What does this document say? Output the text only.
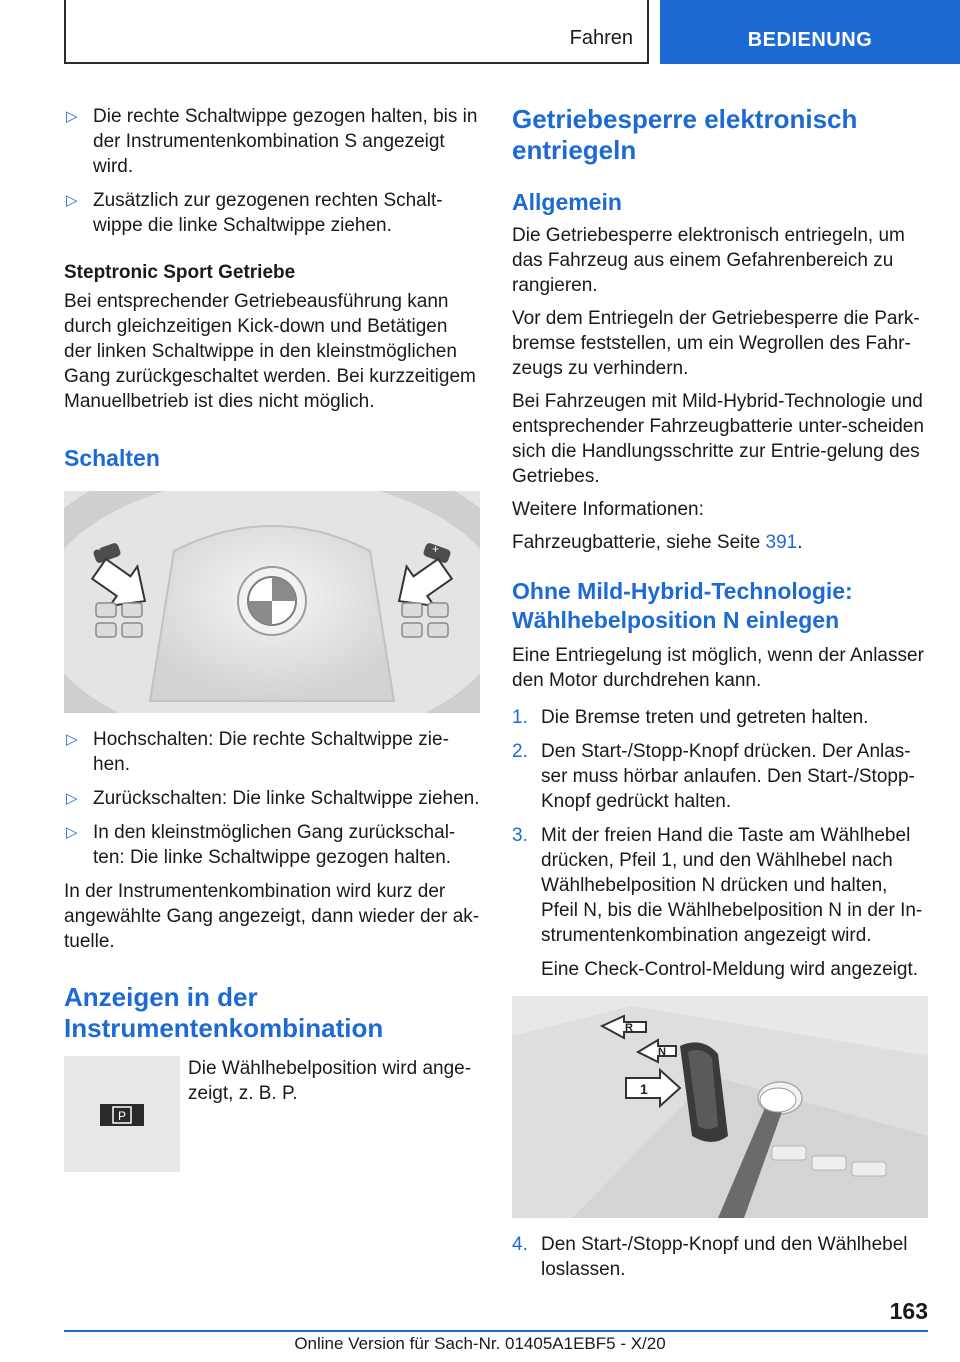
Fahren	BEDIENUNG
▷ Die rechte Schaltwippe gezogen halten, bis in der Instrumentenkombination S angezeigt wird.
▷ Zusätzlich zur gezogenen rechten Schalt‐wippe die linke Schaltwippe ziehen.
Steptronic Sport Getriebe

Bei entsprechender Getriebeausführung kann durch gleichzeitigen Kick-down und Betätigen der linken Schaltwippe in den kleinstmöglichen Gang zurückgeschaltet werden. Bei kurzzeitigem Manuellbetrieb ist dies nicht möglich.

Schalten
−	+
▷ Hochschalten: Die rechte Schaltwippe zie‐hen.
▷ Zurückschalten: Die linke Schaltwippe ziehen.
▷ In den kleinstmöglichen Gang zurückschal‐ten: Die linke Schaltwippe gezogen halten.

In der Instrumentenkombination wird kurz der angewählte Gang angezeigt, dann wieder der ak‐tuelle.

Anzeigen in der Instrumentenkombination
P

Die Wählhebelposition wird ange‐zeigt, z. B. P.

Getriebesperre elektronisch entriegeln
Allgemein

Die Getriebesperre elektronisch entriegeln, um das Fahrzeug aus einem Gefahrenbereich zu rangieren.

Vor dem Entriegeln der Getriebesperre die Park‐bremse feststellen, um ein Wegrollen des Fahr‐zeugs zu verhindern.

Bei Fahrzeugen mit Mild-Hybrid-Technologie und entsprechender Fahrzeugbatterie unter‐scheiden sich die Handlungsschritte zur Entrie‐gelung des Getriebes.

Weitere Informationen:

Fahrzeugbatterie, siehe Seite 391.

Ohne Mild-Hybrid-Technologie: Wählhebelposition N einlegen

Eine Entriegelung ist möglich, wenn der Anlasser den Motor durchdrehen kann.

1. Die Bremse treten und getreten halten.
2. Den Start-/Stopp-Knopf drücken. Der Anlas‐ser muss hörbar anlaufen. Den Start-/Stopp-Knopf gedrückt halten.
3. Mit der freien Hand die Taste am Wählhebel drücken, Pfeil 1, und den Wählhebel nach Wählhebelposition N drücken und halten, Pfeil N, bis die Wählhebelposition N in der In‐strumentenkombination angezeigt wird.

Eine Check-Control-Meldung wird angezeigt.

R
N
1
4. Den Start-/Stopp-Knopf und den Wählhebel loslassen.
163
Online Version für Sach-Nr. 01405A1EBF5 - X/20
